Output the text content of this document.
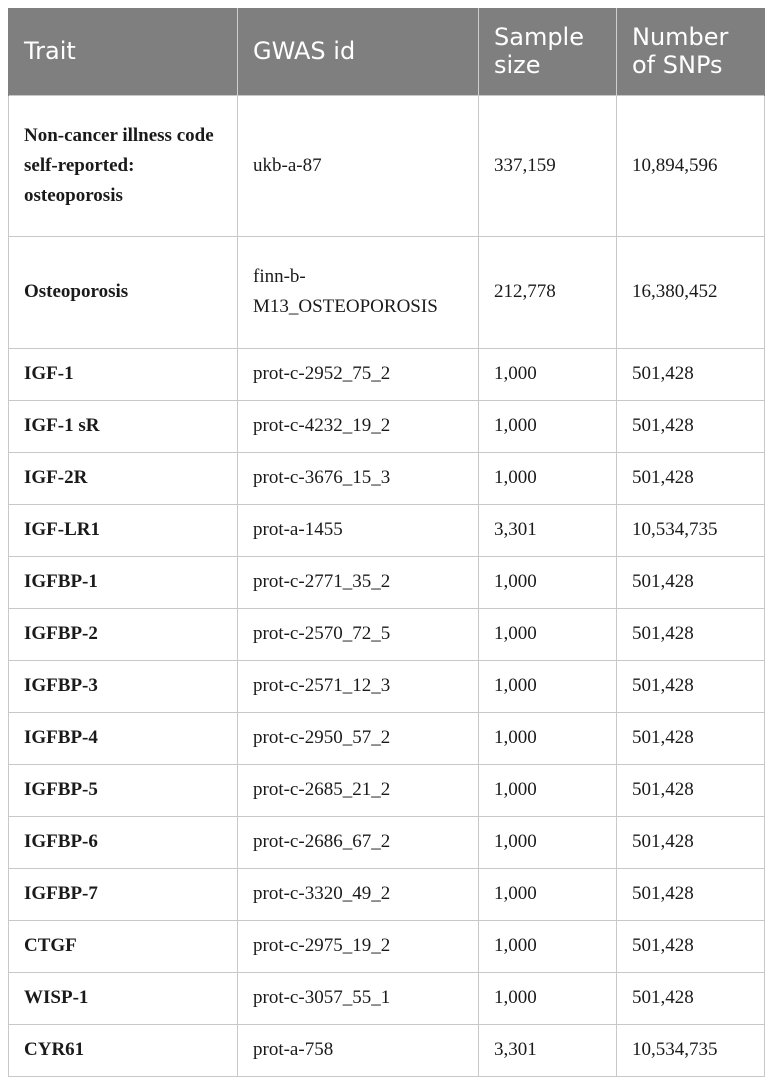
Trait	GWAS id	Sample size	Number of SNPs
Non-cancer illness code self-reported: osteoporosis	ukb-a-87	337,159	10,894,596
Osteoporosis	finn-b-M13_OSTEOPOROSIS	212,778	16,380,452
IGF-1	prot-c-2952_75_2	1,000	501,428
IGF-1 sR	prot-c-4232_19_2	1,000	501,428
IGF-2R	prot-c-3676_15_3	1,000	501,428
IGF-LR1	prot-a-1455	3,301	10,534,735
IGFBP-1	prot-c-2771_35_2	1,000	501,428
IGFBP-2	prot-c-2570_72_5	1,000	501,428
IGFBP-3	prot-c-2571_12_3	1,000	501,428
IGFBP-4	prot-c-2950_57_2	1,000	501,428
IGFBP-5	prot-c-2685_21_2	1,000	501,428
IGFBP-6	prot-c-2686_67_2	1,000	501,428
IGFBP-7	prot-c-3320_49_2	1,000	501,428
CTGF	prot-c-2975_19_2	1,000	501,428
WISP-1	prot-c-3057_55_1	1,000	501,428
CYR61	prot-a-758	3,301	10,534,735
